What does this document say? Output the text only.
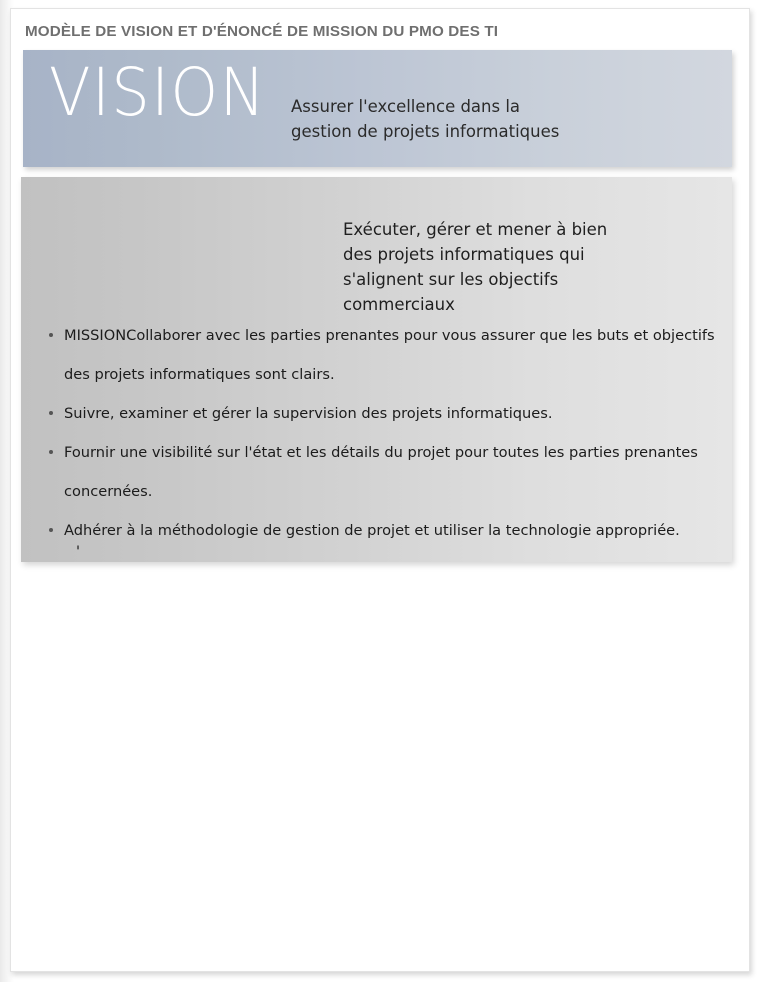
MODÈLE DE VISION ET D'ÉNONCÉ DE MISSION DU PMO DES TI
VISION Assurer l'excellence dans la
gestion de projets informatiques
Exécuter, gérer et mener à bien
des projets informatiques qui
s'alignent sur les objectifs
commerciaux
MISSIONCollaborer avec les parties prenantes pour vous assurer que les buts et objectifs des projets informatiques sont clairs.
Suivre, examiner et gérer la supervision des projets informatiques.
Fournir une visibilité sur l'état et les détails du projet pour toutes les parties prenantes concernées.
Adhérer à la méthodologie de gestion de projet et utiliser la technologie appropriée.
'
